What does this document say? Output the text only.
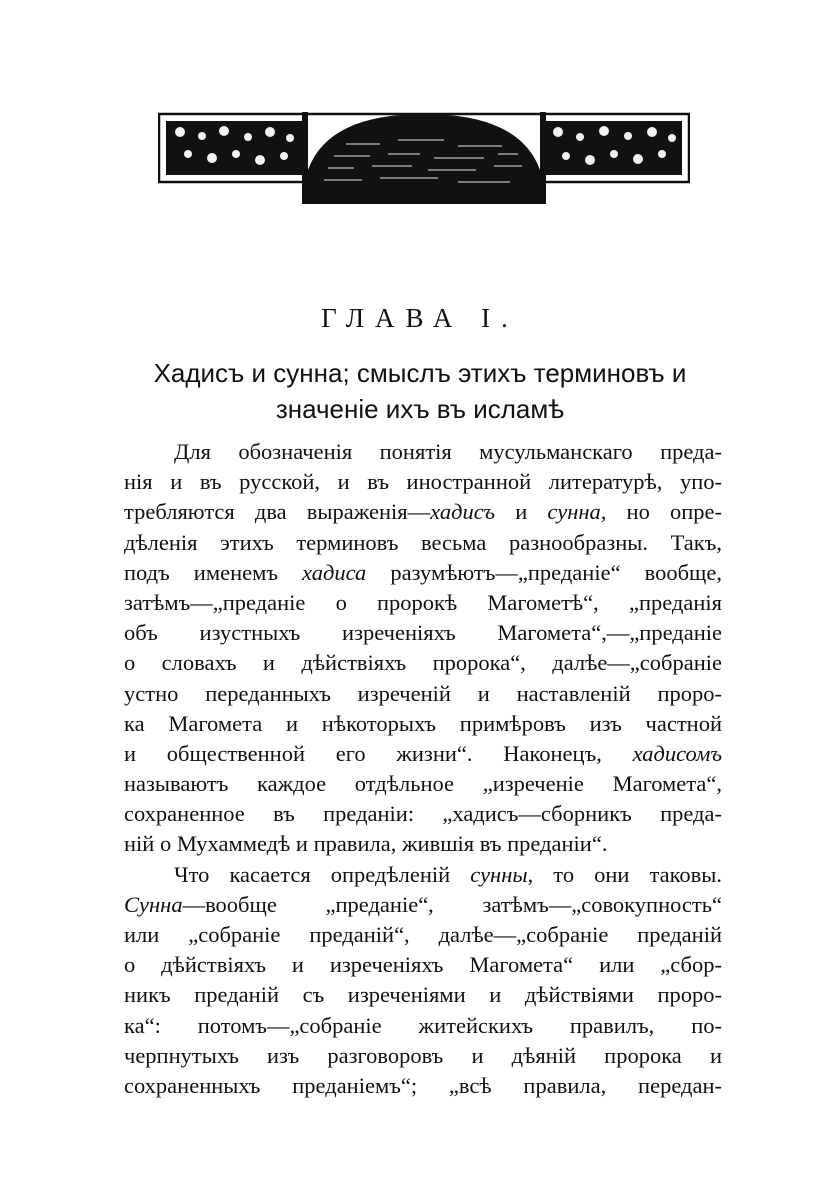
ГЛАВА I.
Хадисъ и сунна; смыслъ этихъ терминовъ и
значеніе ихъ въ исламѣ
Для обозначенія понятія мусульманскаго преда-
нія и въ русской, и въ иностранной литературѣ, упо-
требляются два выраженія—хадисъ и сунна, но опре-
дѣленія этихъ терминовъ весьма разнообразны. Такъ,
подъ именемъ хадиса разумѣютъ—„преданіе“ вообще,
затѣмъ—„преданіе о пророкѣ Магометѣ“, „преданія
объ изустныхъ изреченіяхъ Магомета“,—„преданіе
о словахъ и дѣйствіяхъ пророка“, далѣе—„собраніе
устно переданныхъ изреченій и наставленій проро-
ка Магомета и нѣкоторыхъ примѣровъ изъ частной
и общественной его жизни“. Наконецъ, хадисомъ
называютъ каждое отдѣльное „изреченіе Магомета“,
сохраненное въ преданіи: „хадисъ—сборникъ преда-
ній о Мухаммедѣ и правила, жившія въ преданіи“.
Что касается опредѣленій сунны, то они таковы.
Сунна—вообще „преданіе“, затѣмъ—„совокупность“
или „собраніе преданій“, далѣе—„собраніе преданій
о дѣйствіяхъ и изреченіяхъ Магомета“ или „сбор-
никъ преданій съ изреченіями и дѣйствіями проро-
ка“: потомъ—„собраніе житейскихъ правилъ, по-
черпнутыхъ изъ разговоровъ и дѣяній пророка и
сохраненныхъ преданіемъ“; „всѣ правила, передан-
